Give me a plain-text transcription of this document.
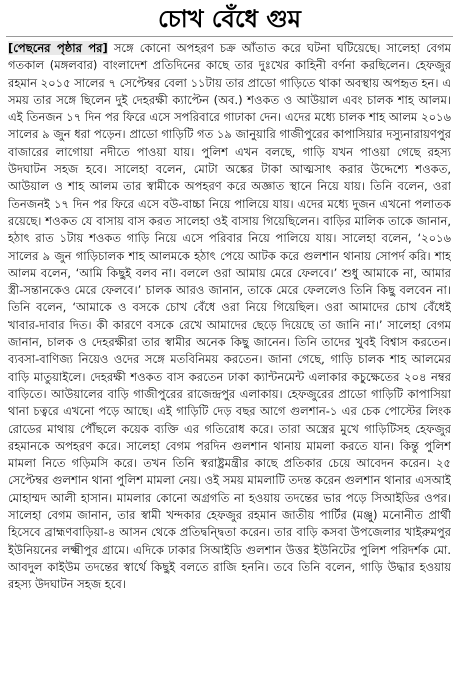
চোখ বেঁধে গুম
[পেছনের পৃষ্ঠার পর] সঙ্গে কোনো অপহরণ চক্র আঁতাত করে ঘটনা ঘটিয়েছে। সালেহা বেগম গতকাল (মঙ্গলবার) বাংলাদেশ প্রতিদিনের কাছে তার দুঃখের কাহিনী বর্ণনা করছিলেন। হেফজুর রহমান ২০১৫ সালের ৭ সেপ্টেম্বর বেলা ১১টায় তার প্রাডো গাড়িতে থাকা অবস্থায় অপহৃত হন। এ সময় তার সঙ্গে ছিলেন দুই দেহরক্ষী ক্যাপ্টেন (অব.) শওকত ও আউয়াল এবং চালক শাহ আলম। এই তিনজন ১৭ দিন পর ফিরে এসে সপরিবারে গাঢাকা দেন। এদের মধ্যে চালক শাহ আলম ২০১৬ সালের ৯ জুন ধরা পড়েন। প্রাডো গাড়িটি গত ১৯ জানুয়ারি গাজীপুরের কাপাসিয়ার দস্যুনারায়ণপুর বাজারের লাগোয়া নদীতে পাওয়া যায়। পুলিশ এখন বলছে, গাড়ি যখন পাওয়া গেছে রহস্য উদঘাটন সহজ হবে। সালেহা বলেন, মোটা অঙ্কের টাকা আত্মসাৎ করার উদ্দেশ্যে শওকত, আউয়াল ও শাহ আলম তার স্বামীকে অপহরণ করে অজ্ঞাত স্থানে নিয়ে যায়। তিনি বলেন, ওরা তিনজনই ১৭ দিন পর ফিরে এসে বউ-বাচ্চা নিয়ে পালিয়ে যায়। এদের মধ্যে দুজন এখনো পলাতক রয়েছে। শওকত যে বাসায় বাস করত সালেহা ওই বাসায় গিয়েছিলেন। বাড়ির মালিক তাকে জানান, হঠাৎ রাত ১টায় শওকত গাড়ি নিয়ে এসে পরিবার নিয়ে পালিয়ে যায়। সালেহা বলেন, ‘২০১৬ সালের ৯ জুন গাড়িচালক শাহ আলমকে হঠাৎ পেয়ে আটক করে গুলশান থানায় সোপর্দ করি। শাহ আলম বলেন, ‘আমি কিছুই বলব না। বললে ওরা আমায় মেরে ফেলবে।’ শুধু আমাকে না, আমার স্ত্রী-সন্তানকেও মেরে ফেলবে।’ চালক আরও জানান, তাকে মেরে ফেললেও তিনি কিছু বলবেন না। তিনি বলেন, ‘আমাকে ও বসকে চোখ বেঁধে ওরা নিয়ে গিয়েছিল। ওরা আমাদের চোখ বেঁধেই খাবার-দাবার দিত। কী কারণে বসকে রেখে আমাদের ছেড়ে দিয়েছে তা জানি না।’ সালেহা বেগম জানান, চালক ও দেহরক্ষীরা তার স্বামীর অনেক কিছু জানেন। তিনি তাদের খুবই বিশ্বাস করতেন। ব্যবসা-বাণিজ্য নিয়েও ওদের সঙ্গে মতবিনিময় করতেন। জানা গেছে, গাড়ি চালক শাহ আলমের বাড়ি মাতুয়াইলে। দেহরক্ষী শওকত বাস করতেন ঢাকা ক্যান্টনমেন্ট এলাকার কচুক্ষেতের ২০৪ নম্বর বাড়িতে। আউয়ালের বাড়ি গাজীপুরের রাজেন্দ্রপুর এলাকায়। হেফজুরের প্রাডো গাড়িটি কাপাসিয়া থানা চত্বরে এখনো পড়ে আছে। এই গাড়িটি দেড় বছর আগে গুলশান-১ এর চেক পোস্টের লিংক রোডের মাথায় পৌঁছলে কয়েক ব্যক্তি এর গতিরোধ করে। তারা অস্ত্রের মুখে গাড়িটিসহ হেফজুর রহমানকে অপহরণ করে। সালেহা বেগম পরদিন গুলশান থানায় মামলা করতে যান। কিন্তু পুলিশ মামলা নিতে গড়িমসি করে। তখন তিনি স্বরাষ্ট্রমন্ত্রীর কাছে প্রতিকার চেয়ে আবেদন করেন। ২৫ সেপ্টেম্বর গুলশান থানা পুলিশ মামলা নেয়। ওই সময় মামলাটি তদন্ত করেন গুলশান থানার এসআই মোহাম্মদ আলী হাসান। মামলার কোনো অগ্রগতি না হওয়ায় তদন্তের ভার পড়ে সিআইডির ওপর। সালেহা বেগম জানান, তার স্বামী খন্দকার হেফজুর রহমান জাতীয় পার্টির (মঞ্জু) মনোনীত প্রার্থী হিসেবে ব্রাহ্মণবাড়িয়া-৪ আসন থেকে প্রতিদ্বন্দ্বিতা করেন। তার বাড়ি কসবা উপজেলার খাইরুমপুর ইউনিয়নের লক্ষ্মীপুর গ্রামে। এদিকে ঢাকার সিআইডি গুলশান উত্তর ইউনিটের পুলিশ পরিদর্শক মো. আবদুল কাইউম তদন্তের স্বার্থে কিছুই বলতে রাজি হননি। তবে তিনি বলেন, গাড়ি উদ্ধার হওয়ায় রহস্য উদঘাটন সহজ হবে।
